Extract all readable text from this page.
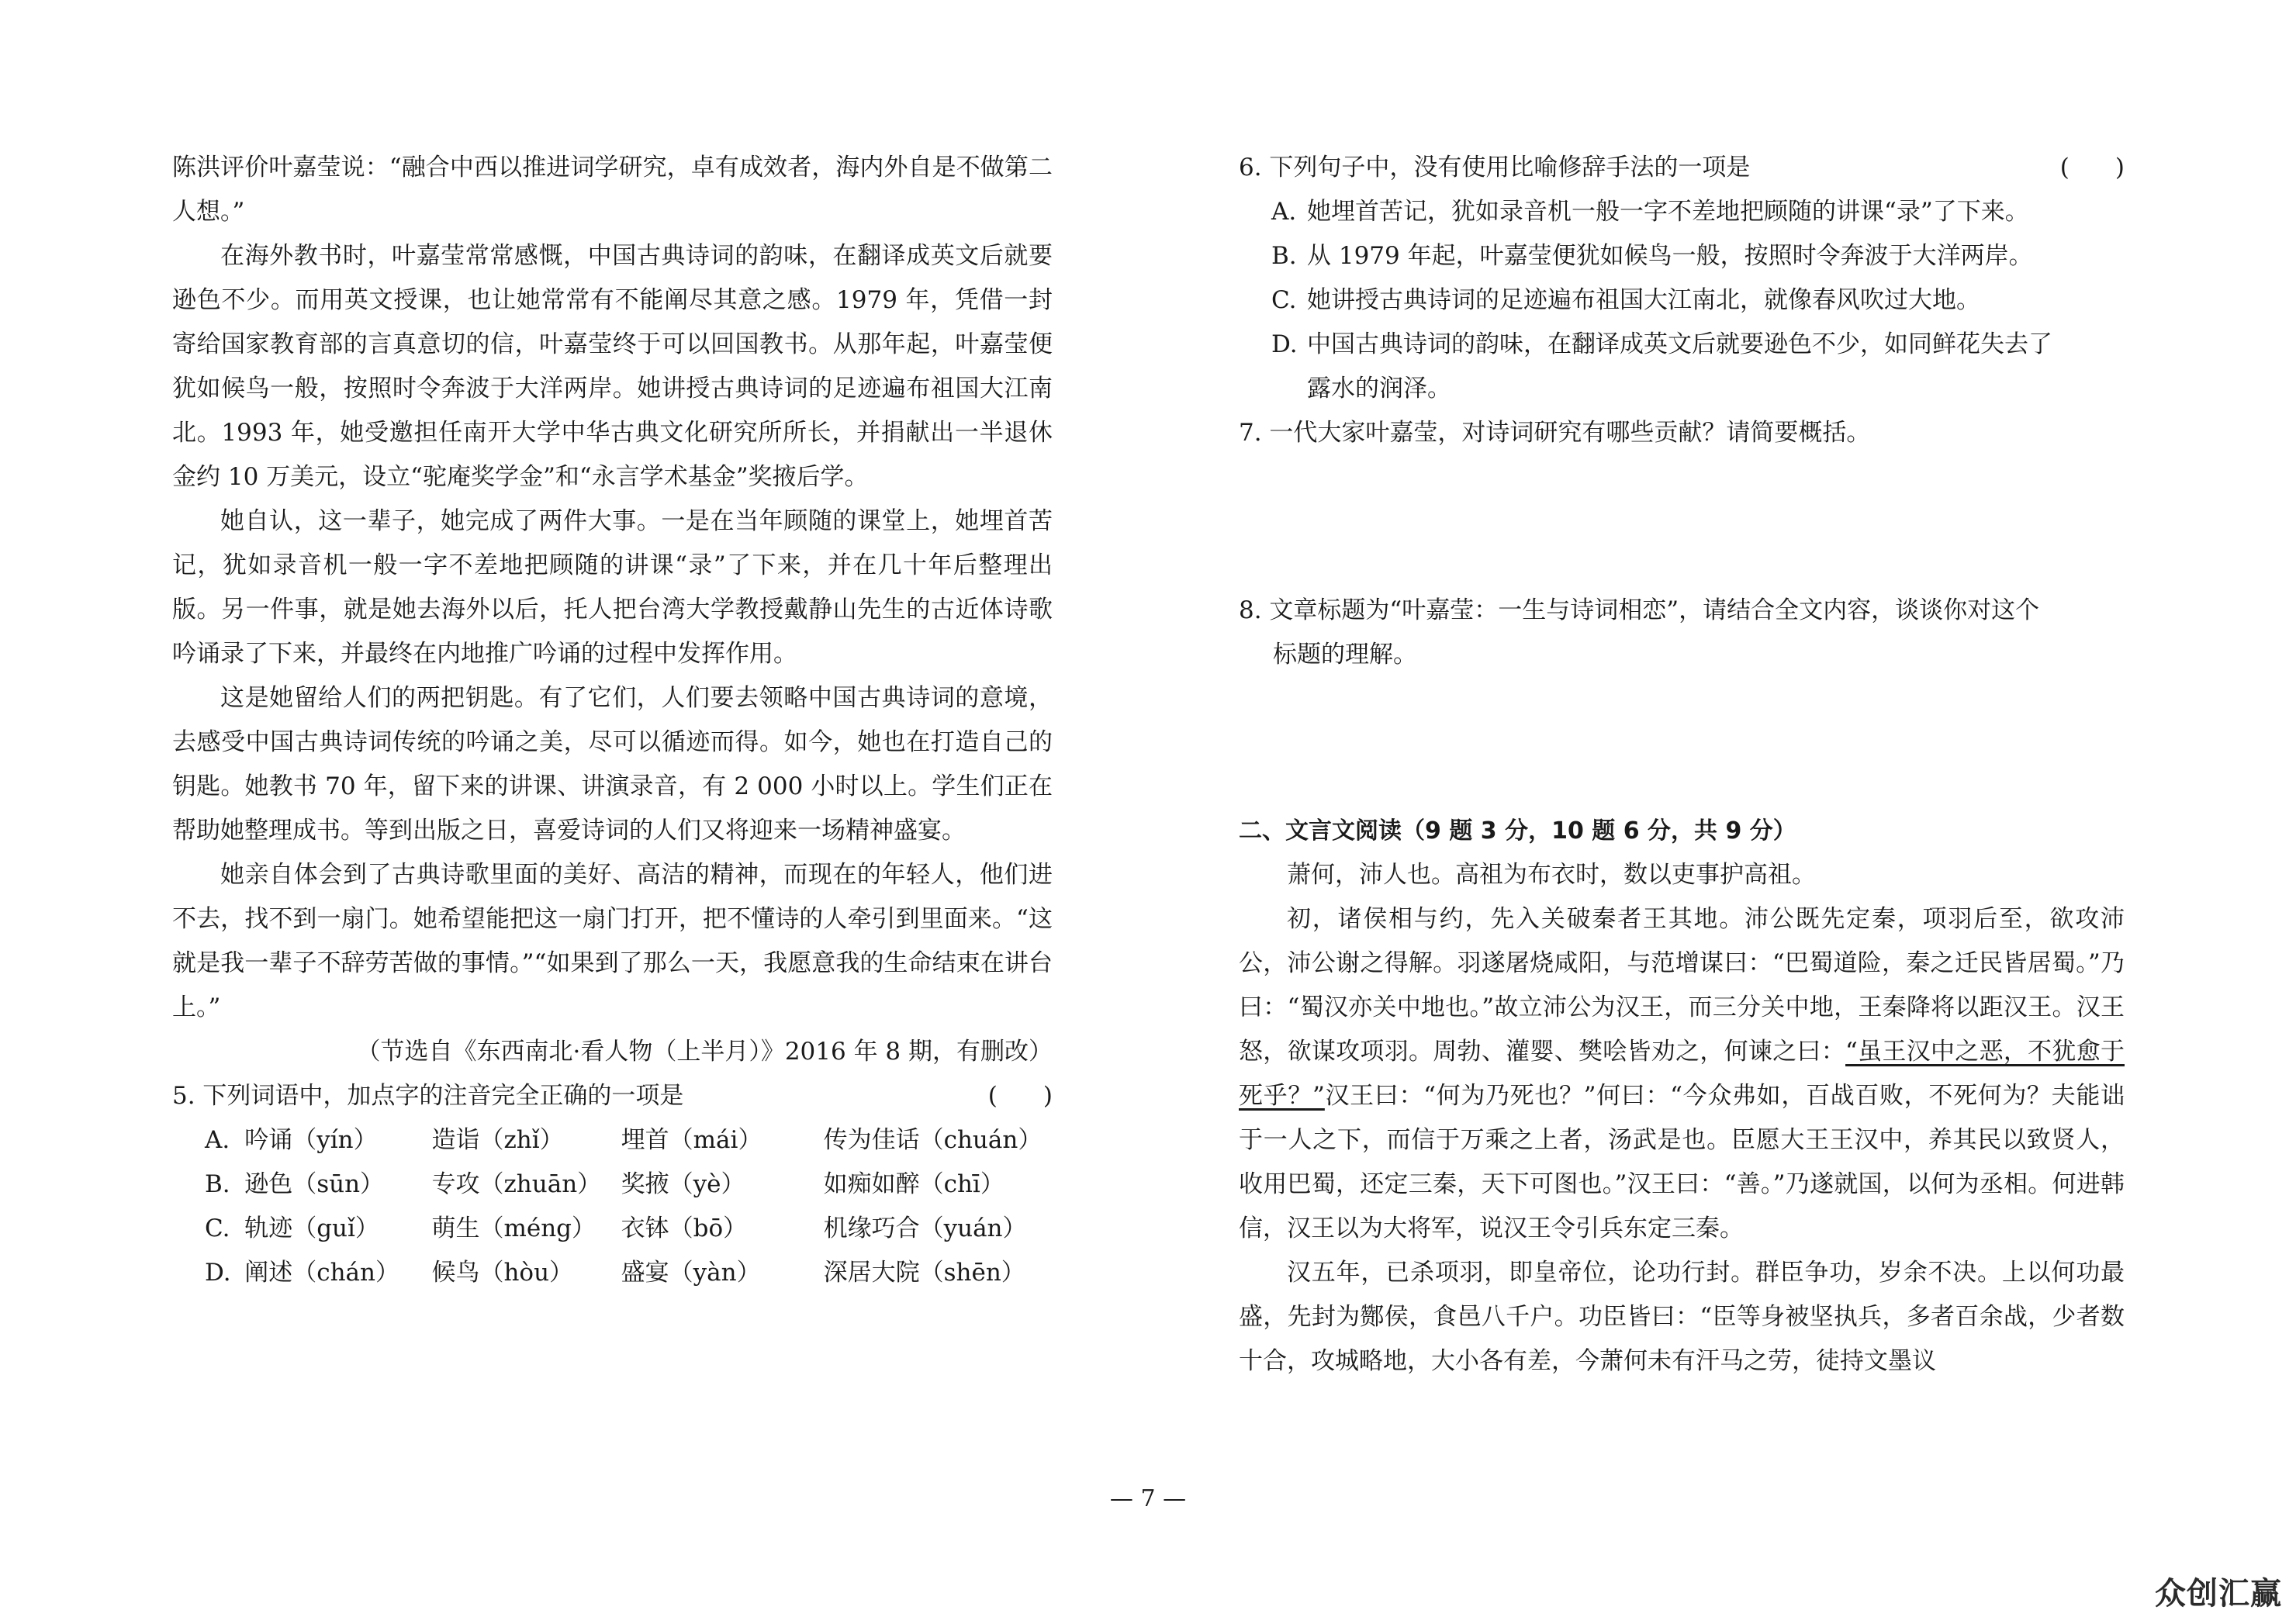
陈洪评价叶嘉莹说：“融合中西以推进词学研究，卓有成效者，海内外自是不做第二人想。”

在海外教书时，叶嘉莹常常感慨，中国古典诗词的韵味，在翻译成英文后就要逊色不少。而用英文授课，也让她常常有不能阐尽其意之感。1979 年，凭借一封寄给国家教育部的言真意切的信，叶嘉莹终于可以回国教书。从那年起，叶嘉莹便犹如候鸟一般，按照时令奔波于大洋两岸。她讲授古典诗词的足迹遍布祖国大江南北。1993 年，她受邀担任南开大学中华古典文化研究所所长，并捐献出一半退休金约 10 万美元，设立“驼庵奖学金”和“永言学术基金”奖掖后学。

她自认，这一辈子，她完成了两件大事。一是在当年顾随的课堂上，她埋首苦记，犹如录音机一般一字不差地把顾随的讲课“录”了下来，并在几十年后整理出版。另一件事，就是她去海外以后，托人把台湾大学教授戴静山先生的古近体诗歌吟诵录了下来，并最终在内地推广吟诵的过程中发挥作用。

这是她留给人们的两把钥匙。有了它们，人们要去领略中国古典诗词的意境，去感受中国古典诗词传统的吟诵之美，尽可以循迹而得。如今，她也在打造自己的钥匙。她教书 70 年，留下来的讲课、讲演录音，有 2 000 小时以上。学生们正在帮助她整理成书。等到出版之日，喜爱诗词的人们又将迎来一场精神盛宴。

她亲自体会到了古典诗歌里面的美好、高洁的精神，而现在的年轻人，他们进不去，找不到一扇门。她希望能把这一扇门打开，把不懂诗的人牵引到里面来。“这就是我一辈子不辞劳苦做的事情。”“如果到了那么一天，我愿意我的生命结束在讲台上。”

（节选自《东西南北·看人物（上半月）》2016 年 8 期，有删改）

5. 下列词语中，加点字的注音完全正确的一项是	(      )
A. 吟诵（yín）	造诣（zhǐ）	埋首（mái）	传为佳话（chuán）
B. 逊色（sūn）	专攻（zhuān） 奖掖（yè）	如痴如醉（chī）
C. 轨迹（guǐ）	萌生（méng）	衣钵（bō）	机缘巧合（yuán）
D. 阐述（chán）	候鸟（hòu）	盛宴（yàn）	深居大院（shēn）
6. 下列句子中，没有使用比喻修辞手法的一项是	(      )
A. 她埋首苦记，犹如录音机一般一字不差地把顾随的讲课“录”了下来。
B. 从 1979 年起，叶嘉莹便犹如候鸟一般，按照时令奔波于大洋两岸。
C. 她讲授古典诗词的足迹遍布祖国大江南北，就像春风吹过大地。
D. 中国古典诗词的韵味，在翻译成英文后就要逊色不少，如同鲜花失去了
露水的润泽。

7. 一代大家叶嘉莹，对诗词研究有哪些贡献？请简要概括。

8. 文章标题为“叶嘉莹：一生与诗词相恋”，请结合全文内容，谈谈你对这个

标题的理解。

二、文言文阅读（9 题 3 分，10 题 6 分，共 9 分）

萧何，沛人也。高祖为布衣时，数以吏事护高祖。

初，诸侯相与约，先入关破秦者王其地。沛公既先定秦，项羽后至，欲攻沛公，沛公谢之得解。羽遂屠烧咸阳，与范增谋曰：“巴蜀道险，秦之迁民皆居蜀。”乃曰：“蜀汉亦关中地也。”故立沛公为汉王，而三分关中地，王秦降将以距汉王。汉王怒，欲谋攻项羽。周勃、灌婴、樊哙皆劝之，何谏之曰：“虽王汉中之恶，不犹愈于死乎？”汉王曰：“何为乃死也？”何曰：“今众弗如，百战百败，不死何为？夫能诎于一人之下，而信于万乘之上者，汤武是也。臣愿大王王汉中，养其民以致贤人，收用巴蜀，还定三秦，天下可图也。”汉王曰：“善。”乃遂就国，以何为丞相。何进韩信，汉王以为大将军，说汉王令引兵东定三秦。

汉五年，已杀项羽，即皇帝位，论功行封。群臣争功，岁余不决。上以何功最盛，先封为酂侯，食邑八千户。功臣皆曰：“臣等身被坚执兵，多者百余战，少者数十合，攻城略地，大小各有差，今萧何未有汗马之劳，徒持文墨议

— 7 —
众创汇赢
